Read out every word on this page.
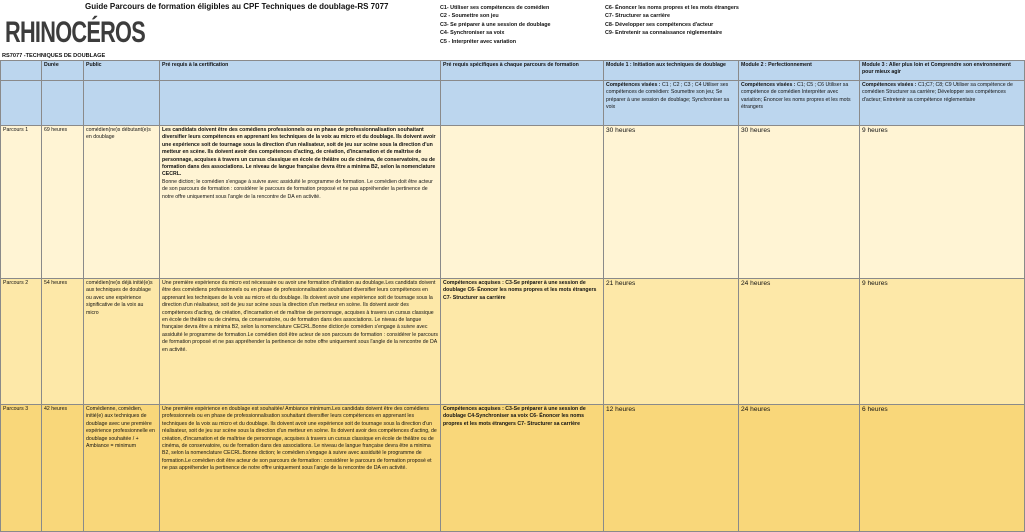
RHINOCÉROS
Guide Parcours de formation éligibles au CPF Techniques de doublage-RS 7077	C1- Utiliser ses compétences de comédien
C2 - Soumettre son jeu
C3- Se préparer à une session de doublage
C4- Synchroniser sa voix
C5 - Interpréter avec variation
C6- Énoncer les noms propres et les mots étrangers
C7- Structurer sa carrière
C8- Développer ses compétences d'acteur
C9- Entretenir sa connaissance réglementaire
RS7077 -TECHNIQUES DE DOUBLAGE
	Durée	Public	Pré requis à la certification	Pré requis spécifiques à chaque parcours de formation	Module 1 : Initiation aux techniques de doublage	Module 2 : Perfectionnement	Module 3 : Aller plus loin et Comprendre son environnement pour mieux agir
					Compétences visées : C1 ; C2 ; C3 ; C4 Utiliser ses compétences de comédien: Soumettre son jeu; Se préparer à une session de doublage; Synchroniser sa voix	Compétences visées : C1; C5 ; C6 Utiliser sa compétence de comédien Interpréter avec variation; Énoncer les noms propres et les mots étrangers	Compétences visées : C1;C7; C8; C9 Utiliser sa compétence de comédien Structurer sa carrière; Développer ses compétences d'acteur; Entretenir sa compétence réglementaire
Parcours 1	69 heures	comédien(ne)s débutant(e)s en doublage	Les candidats doivent être des comédiens professionnels ou en phase de professionnalisation souhaitant diversifier leurs compétences en apprenant les techniques de la voix au micro et du doublage. Ils doivent avoir une expérience soit de tournage sous la direction d'un réalisateur, soit de jeu sur scène sous la direction d'un metteur en scène. Ils doivent avoir des compétences d'acting, de création, d'incarnation et de maîtrise de personnage, acquises à travers un cursus classique en école de théâtre ou de cinéma, de conservatoire, ou de formation dans des associations. Le niveau de langue française devra être a minima B2, selon la nomenclature CECRL.

Bonne diction; le comédien s'engage à suivre avec assiduité le programme de formation. Le comédien doit être acteur de son parcours de formation : considérer le parcours de formation proposé et ne pas appréhender la pertinence de notre offre uniquement sous l'angle de la rencontre de DA en activité.		30 heures	30 heures	9 heures
Parcours 2	54 heures	comédien(ne)s déjà initié(e)s aux techniques de doublage ou avec une expérience significative de la voix au micro	Une première expérience du micro est nécessaire ou avoir une formation d'initiation au doublage.Les candidats doivent être des comédiens professionnels ou en phase de professionnalisation souhaitant diversifier leurs compétences en apprenant les techniques de la voix au micro et du doublage. Ils doivent avoir une expérience soit de tournage sous la direction d'un réalisateur, soit de jeu sur scène sous la direction d'un metteur en scène. Ils doivent avoir des compétences d'acting, de création, d'incarnation et de maîtrise de personnage, acquises à travers un cursus classique en école de théâtre ou de cinéma, de conservatoire, ou de formation dans des associations. Le niveau de langue française devra être a minima B2, selon la nomenclature CECRL.Bonne diction;le comédien s'engage à suivre avec assiduité le programme de formation.Le comédien doit être acteur de son parcours de formation : considérer le parcours de formation proposé et ne pas appréhender la pertinence de notre offre uniquement sous l'angle de la rencontre de DA en activité.	Compétences acquises : C3-Se préparer à une session de doublage C6- Énoncer les noms propres et les mots étrangers C7- Structurer sa carrière	21 heures	24 heures	9 heures
Parcours 3	42 heures	Comédienne, comédien, initié(e) aux techniques de doublage avec une première expérience professionnelle en doublage souhaitée / + Ambiance = minimum	Une première expérience en doublage est souhaitée/ Ambiance minimum.Les candidats doivent être des comédiens professionnels ou en phase de professionnalisation souhaitant diversifier leurs compétences en apprenant les techniques de la voix au micro et du doublage. Ils doivent avoir une expérience soit de tournage sous la direction d'un réalisateur, soit de jeu sur scène sous la direction d'un metteur en scène. Ils doivent avoir des compétences d'acting, de création, d'incarnation et de maîtrise de personnage, acquises à travers un cursus classique en école de théâtre ou de cinéma, de conservatoire, ou de formation dans des associations. Le niveau de langue française devra être a minima B2, selon la nomenclature CECRL.Bonne diction; le comédien s'engage à suivre avec assiduité le programme de formation.Le comédien doit être acteur de son parcours de formation : considérer le parcours de formation proposé et ne pas appréhender la pertinence de notre offre uniquement sous l'angle de la rencontre de DA en activité.	Compétences acquises : C3-Se préparer à une session de doublage C4-Synchroniser sa voix C6- Énoncer les noms propres et les mots étrangers C7- Structurer sa carrière	12 heures	24 heures	6 heures
